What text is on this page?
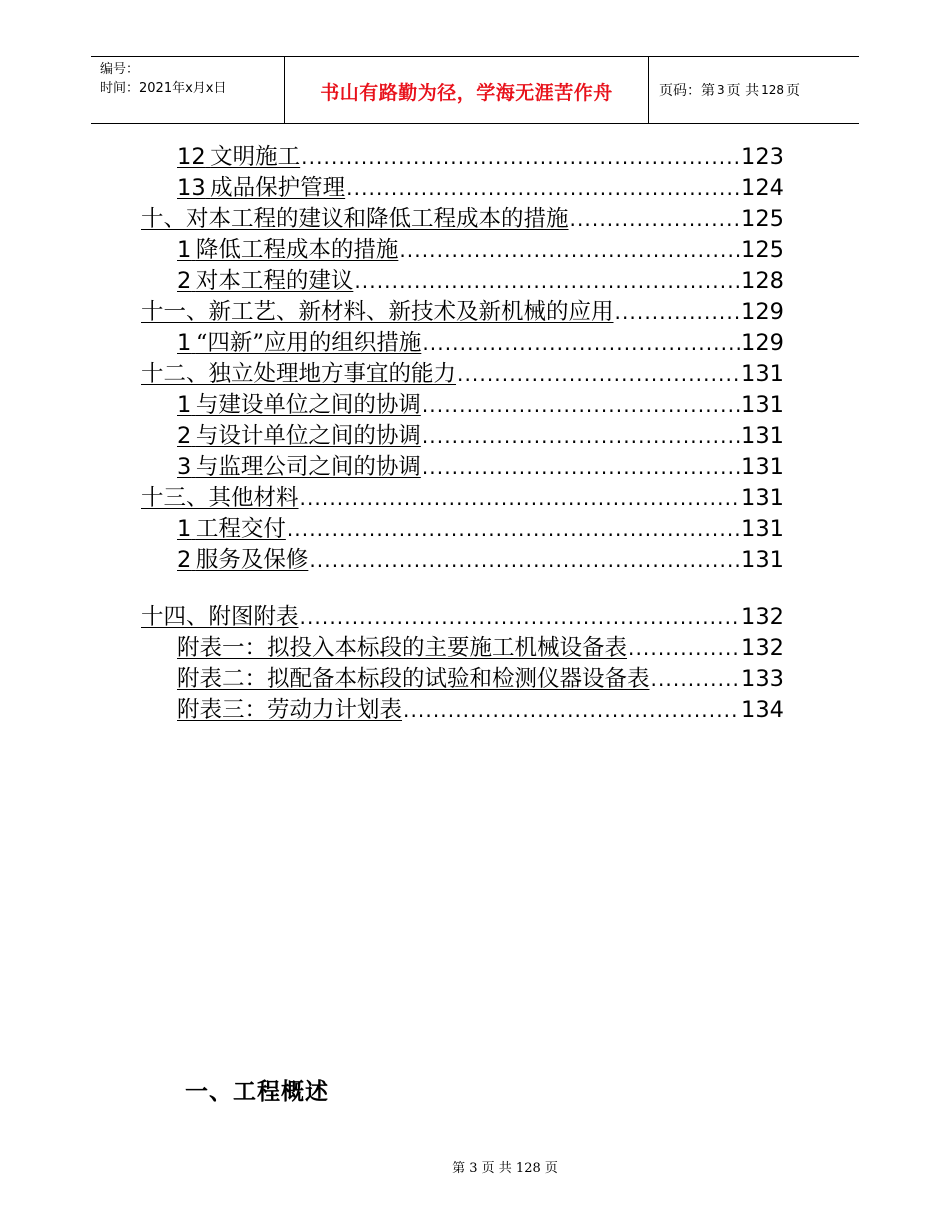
编号：
时间：2021年x月x日	书山有路勤为径，学海无涯苦作舟	页码：第 3 页 共 128 页
12  文明施工 .....	123
13  成品保护管理 .....	124
十、对本工程的建议和降低工程成本的措施 .....	125
1  降低工程成本的措施 .....	125
2  对本工程的建议 .....	128
十一、新工艺、新材料、新技术及新机械的应用 .....	129
1  “四新”应用的组织措施 .....	129
十二、独立处理地方事宜的能力 .....	131
1  与建设单位之间的协调 .....	131
2  与设计单位之间的协调 .....	131
3  与监理公司之间的协调 .....	131
十三、其他材料 .....	131
1  工程交付 .....	131
2  服务及保修 .....	131
十四、附图附表 .....	132
附表一：拟投入本标段的主要施工机械设备表 .....	132
附表二：拟配备本标段的试验和检测仪器设备表 .....	133
附表三：劳动力计划表 .....	134
一、工程概述
第 3 页 共 128 页
